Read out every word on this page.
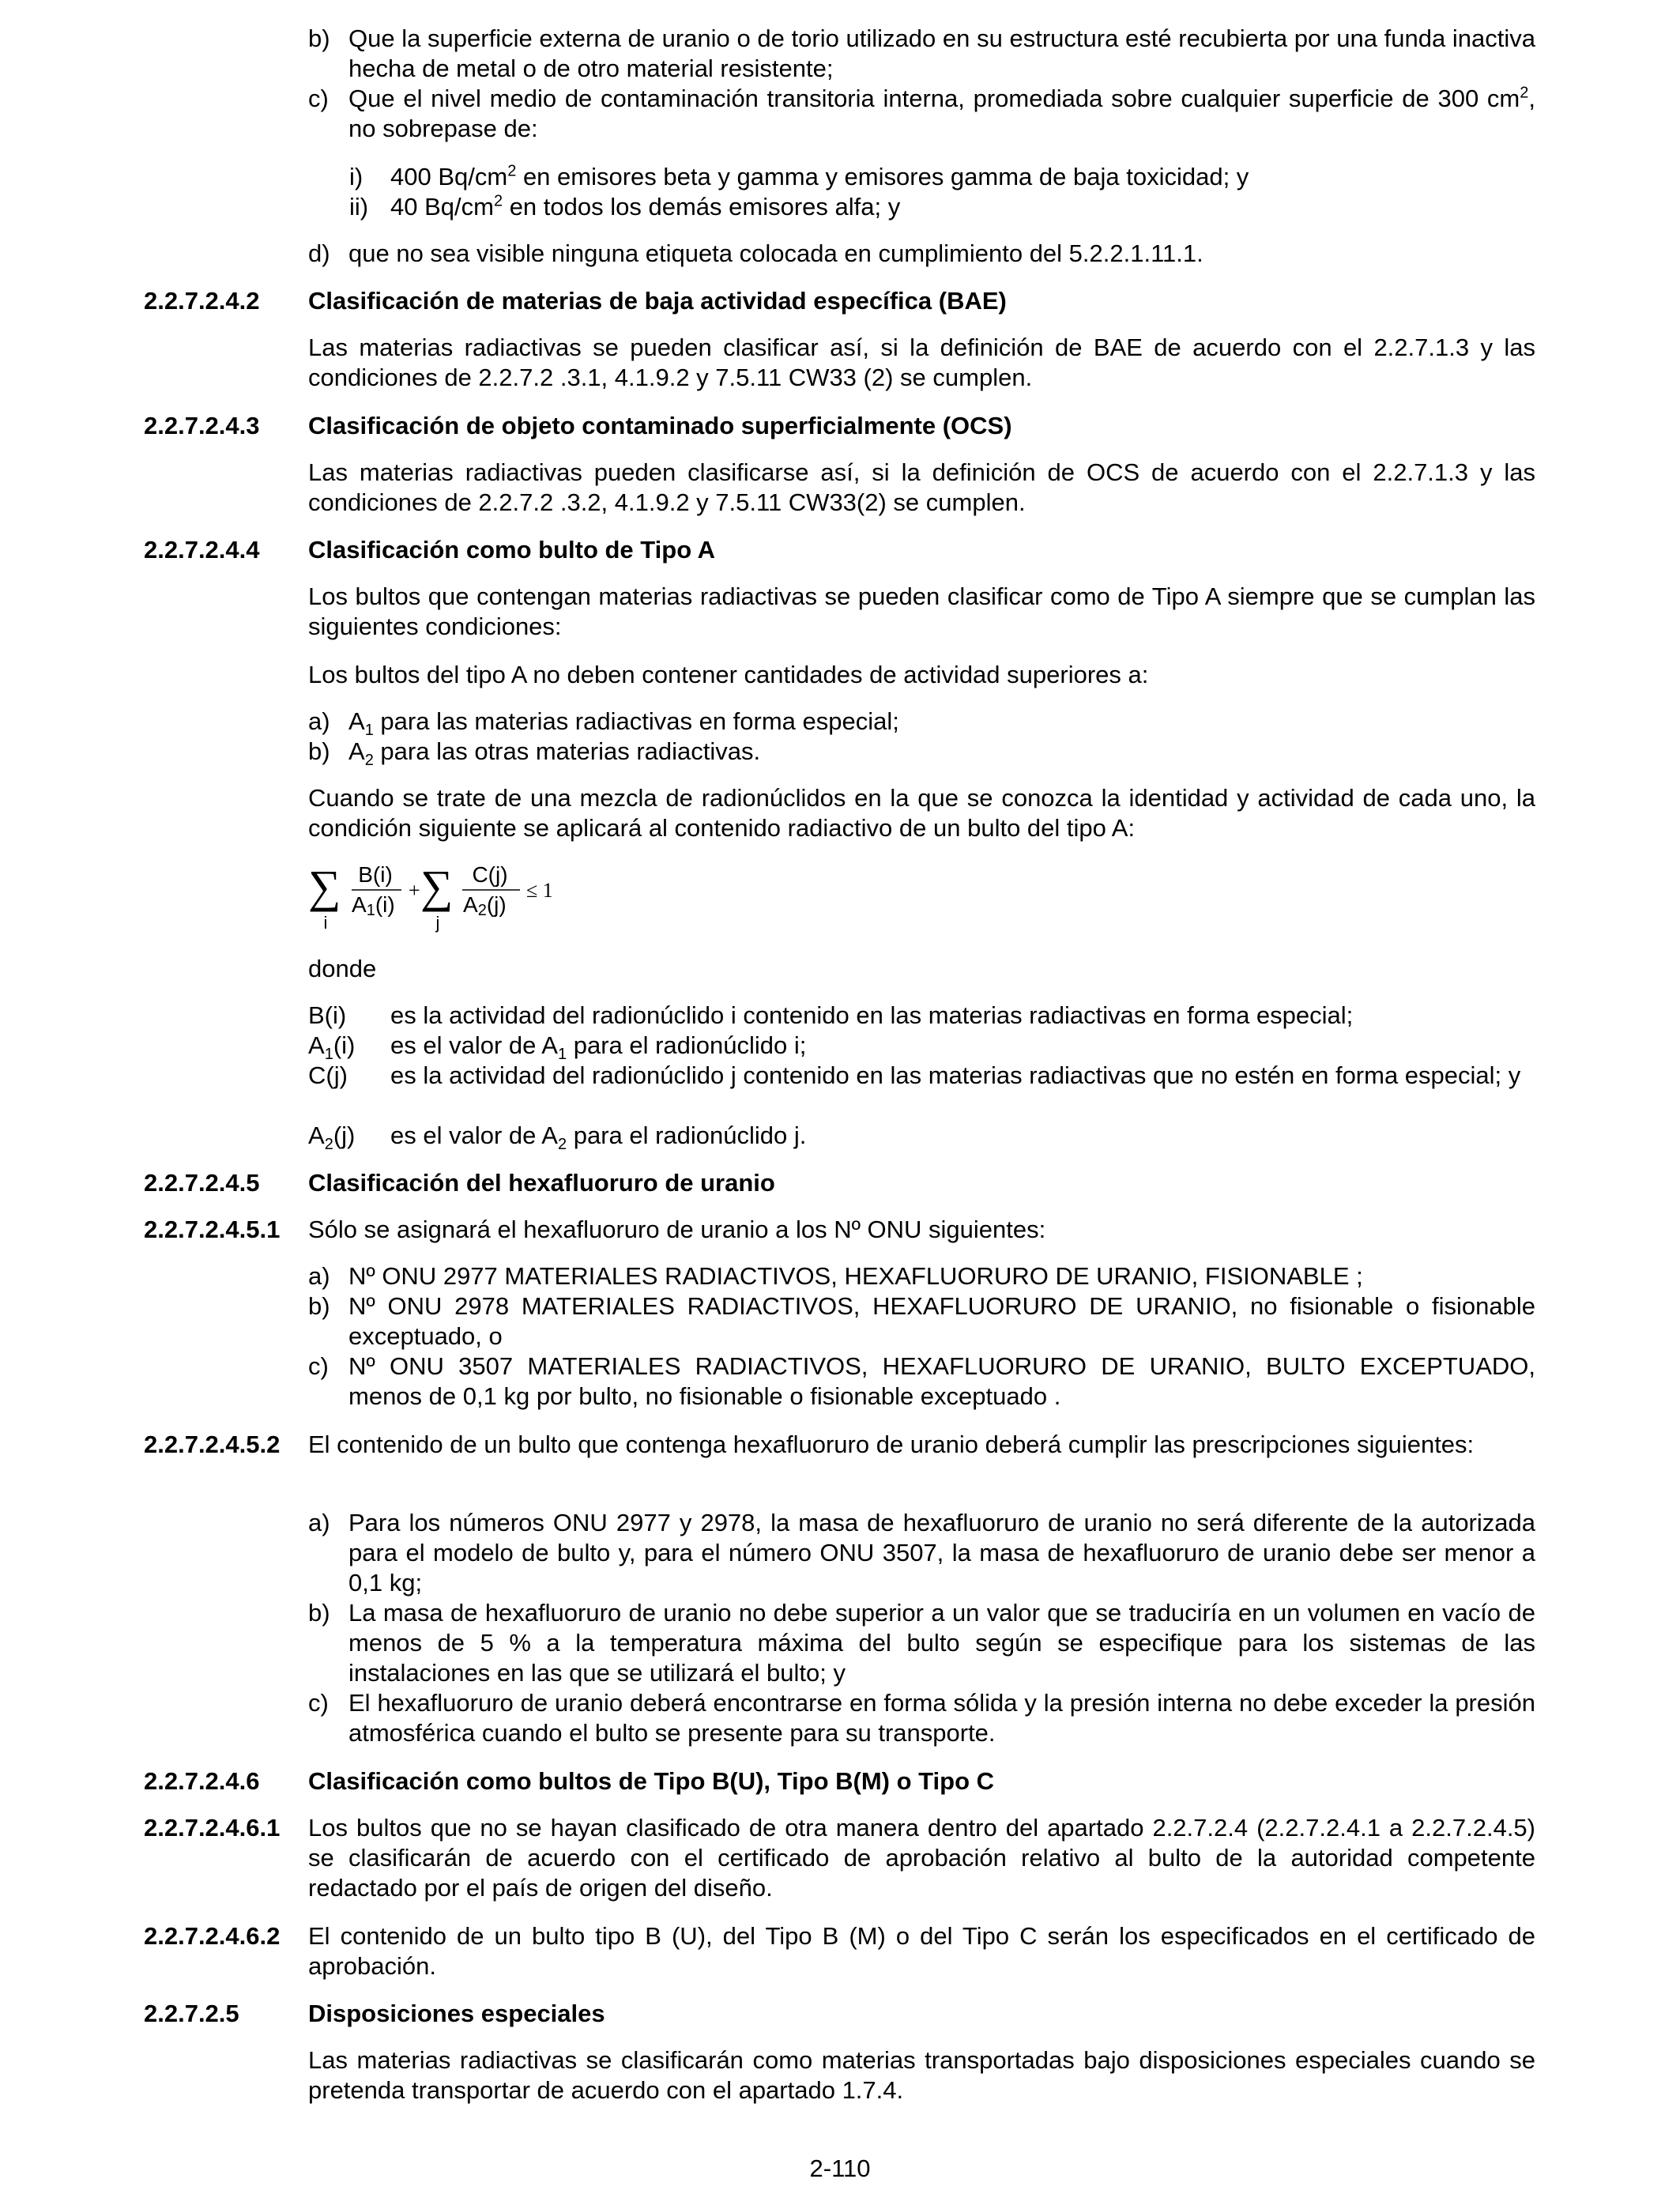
b) Que la superficie externa de uranio o de torio utilizado en su estructura esté recubierta por una funda inactiva hecha de metal o de otro material resistente;
c) Que el nivel medio de contaminación transitoria interna, promediada sobre cualquier superficie de 300 $cm^2$, no sobrepase de:
i) 400 $Bq/cm^2$ en emisores beta y gamma y emisores gamma de baja toxicidad; y
ii) 40 $Bq/cm^2$ en todos los demás emisores alfa; y
d) que no sea visible ninguna etiqueta colocada en cumplimiento del 5.2.2.1.11.1.
2.2.7.2.4.2 Clasificación de materias de baja actividad específica (BAE)
Las materias radiactivas se pueden clasificar así, si la definición de BAE de acuerdo con el 2.2.7.1.3 y las condiciones de 2.2.7.2 .3.1, 4.1.9.2 y 7.5.11 CW33 (2) se cumplen.
2.2.7.2.4.3 Clasificación de objeto contaminado superficialmente (OCS)
Las materias radiactivas pueden clasificarse así, si la definición de OCS de acuerdo con el 2.2.7.1.3 y las condiciones de 2.2.7.2 .3.2, 4.1.9.2 y 7.5.11 CW33(2) se cumplen.
2.2.7.2.4.4 Clasificación como bulto de Tipo A
Los bultos que contengan materias radiactivas se pueden clasificar como de Tipo A siempre que se cumplan las siguientes condiciones:
Los bultos del tipo A no deben contener cantidades de actividad superiores a:
a) $A_1$ para las materias radiactivas en forma especial;
b) $A_2$ para las otras materias radiactivas.
Cuando se trate de una mezcla de radionúclidos en la que se conozca la identidad y actividad de cada uno, la condición siguiente se aplicará al contenido radiactivo de un bulto del tipo A:
∑
i
B(i)
A1(i)
+ ∑
j
C(j)
A2(j)
≤ 1
donde
B(i) es la actividad del radionúclido i contenido en las materias radiactivas en forma especial;
$A_1(i)$ es el valor de $A_1$ para el radionúclido i;
C(j) es la actividad del radionúclido j contenido en las materias radiactivas que no estén en forma especial; y
$A_2(j)$ es el valor de $A_2$ para el radionúclido j.
2.2.7.2.4.5 Clasificación del hexafluoruro de uranio
2.2.7.2.4.5.1 Sólo se asignará el hexafluoruro de uranio a los Nº ONU siguientes:
a) Nº ONU 2977 MATERIALES RADIACTIVOS, HEXAFLUORURO DE URANIO, FISIONABLE ;
b) Nº ONU 2978 MATERIALES RADIACTIVOS, HEXAFLUORURO DE URANIO, no fisionable o fisionable exceptuado, o
c) Nº ONU 3507 MATERIALES RADIACTIVOS, HEXAFLUORURO DE URANIO, BULTO EXCEPTUADO, menos de 0,1 kg por bulto, no fisionable o fisionable exceptuado .
2.2.7.2.4.5.2 El contenido de un bulto que contenga hexafluoruro de uranio deberá cumplir las prescripciones siguientes:
a) Para los números ONU 2977 y 2978, la masa de hexafluoruro de uranio no será diferente de la autorizada para el modelo de bulto y, para el número ONU 3507, la masa de hexafluoruro de uranio debe ser menor a 0,1 kg;
b) La masa de hexafluoruro de uranio no debe superior a un valor que se traduciría en un volumen en vacío de menos de 5 % a la temperatura máxima del bulto según se especifique para los sistemas de las instalaciones en las que se utilizará el bulto; y
c) El hexafluoruro de uranio deberá encontrarse en forma sólida y la presión interna no debe exceder la presión atmosférica cuando el bulto se presente para su transporte.
2.2.7.2.4.6 Clasificación como bultos de Tipo B(U), Tipo B(M) o Tipo C
2.2.7.2.4.6.1 Los bultos que no se hayan clasificado de otra manera dentro del apartado 2.2.7.2.4 (2.2.7.2.4.1 a 2.2.7.2.4.5) se clasificarán de acuerdo con el certificado de aprobación relativo al bulto de la autoridad competente redactado por el país de origen del diseño.
2.2.7.2.4.6.2 El contenido de un bulto tipo B (U), del Tipo B (M) o del Tipo C serán los especificados en el certificado de aprobación.
2.2.7.2.5	Disposiciones especiales
Las materias radiactivas se clasificarán como materias transportadas bajo disposiciones especiales cuando se pretenda transportar de acuerdo con el apartado 1.7.4.
2-110
